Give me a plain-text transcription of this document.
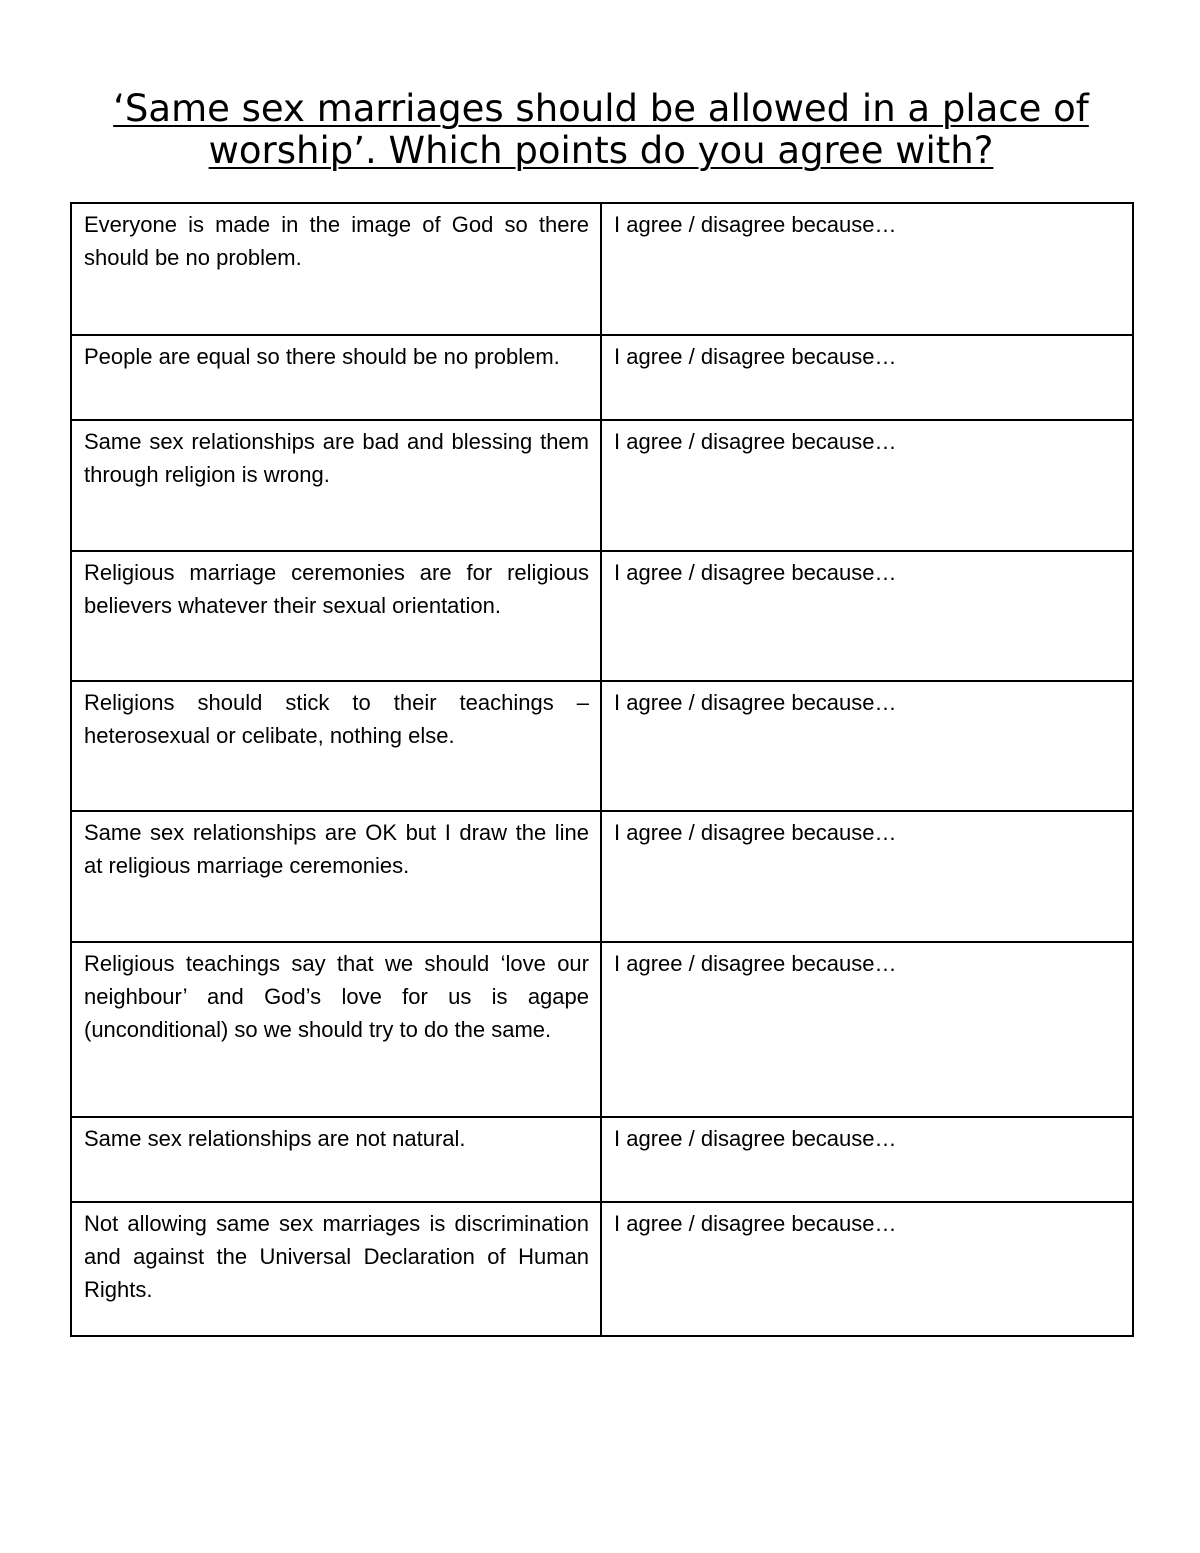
‘Same sex marriages should be allowed in a place of worship’. Which points do you agree with?
Everyone is made in the image of God so there should be no problem.	I agree / disagree because…
People are equal so there should be no problem.	I agree / disagree because…
Same sex relationships are bad and blessing them through religion is wrong.	I agree / disagree because…
Religious marriage ceremonies are for religious believers whatever their sexual orientation.	I agree / disagree because…
Religions should stick to their teachings – heterosexual or celibate, nothing else.	I agree / disagree because…
Same sex relationships are OK but I draw the line at religious marriage ceremonies.	I agree / disagree because…
Religious teachings say that we should ‘love our neighbour’ and God’s love for us is agape (unconditional) so we should try to do the same.	I agree / disagree because…
Same sex relationships are not natural.	I agree / disagree because…
Not allowing same sex marriages is discrimination and against the Universal Declaration of Human Rights.	I agree / disagree because…
